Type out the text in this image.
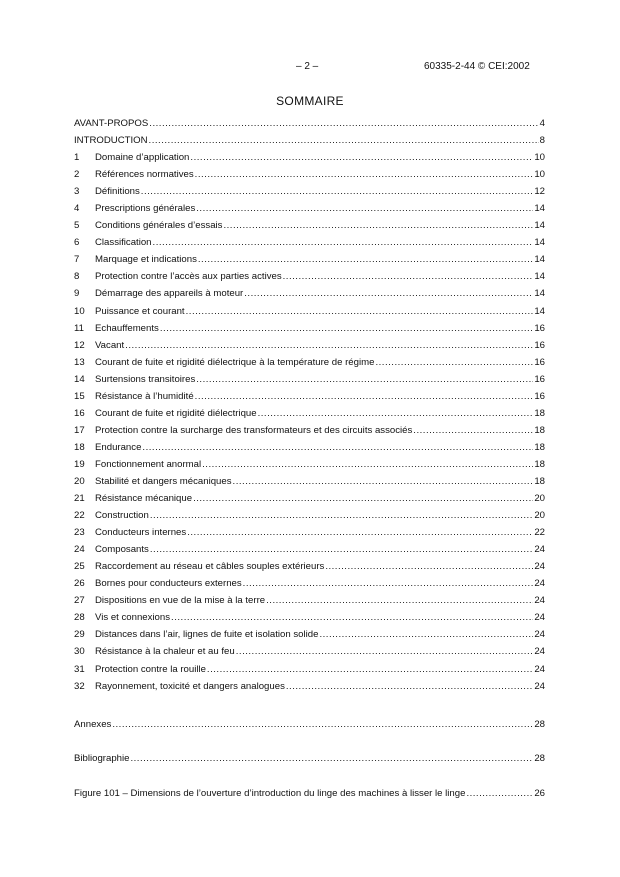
– 2 –	60335-2-44 © CEI:2002
SOMMAIRE
AVANT-PROPOS .....	4
INTRODUCTION .....	8
1	Domaine d’application .....	10
2	Références normatives .....	10
3	Définitions .....	12
4	Prescriptions générales .....	14
5	Conditions générales d’essais .....	14
6	Classification .....	14
7	Marquage et indications .....	14
8	Protection contre l’accès aux parties actives .....	14
9	Démarrage des appareils à moteur .....	14
10	Puissance et courant .....	14
11	Echauffements .....	16
12	Vacant .....	16
13	Courant de fuite et rigidité diélectrique à la température de régime .....	16
14	Surtensions transitoires .....	16
15	Résistance à l’humidité .....	16
16	Courant de fuite et rigidité diélectrique .....	18
17	Protection contre la surcharge des transformateurs et des circuits associés .....	18
18	Endurance .....	18
19	Fonctionnement anormal .....	18
20	Stabilité et dangers mécaniques .....	18
21	Résistance mécanique .....	20
22	Construction .....	20
23	Conducteurs internes .....	22
24	Composants .....	24
25	Raccordement au réseau et câbles souples extérieurs .....	24
26	Bornes pour conducteurs externes .....	24
27	Dispositions en vue de la mise à la terre .....	24
28	Vis et connexions .....	24
29	Distances dans l’air, lignes de fuite et isolation solide .....	24
30	Résistance à la chaleur et au feu .....	24
31	Protection contre la rouille .....	24
32	Rayonnement, toxicité et dangers analogues .....	24
Annexes .....	28
Bibliographie .....	28
Figure 101 – Dimensions de l’ouverture d’introduction du linge des machines à lisser le linge .....	26
